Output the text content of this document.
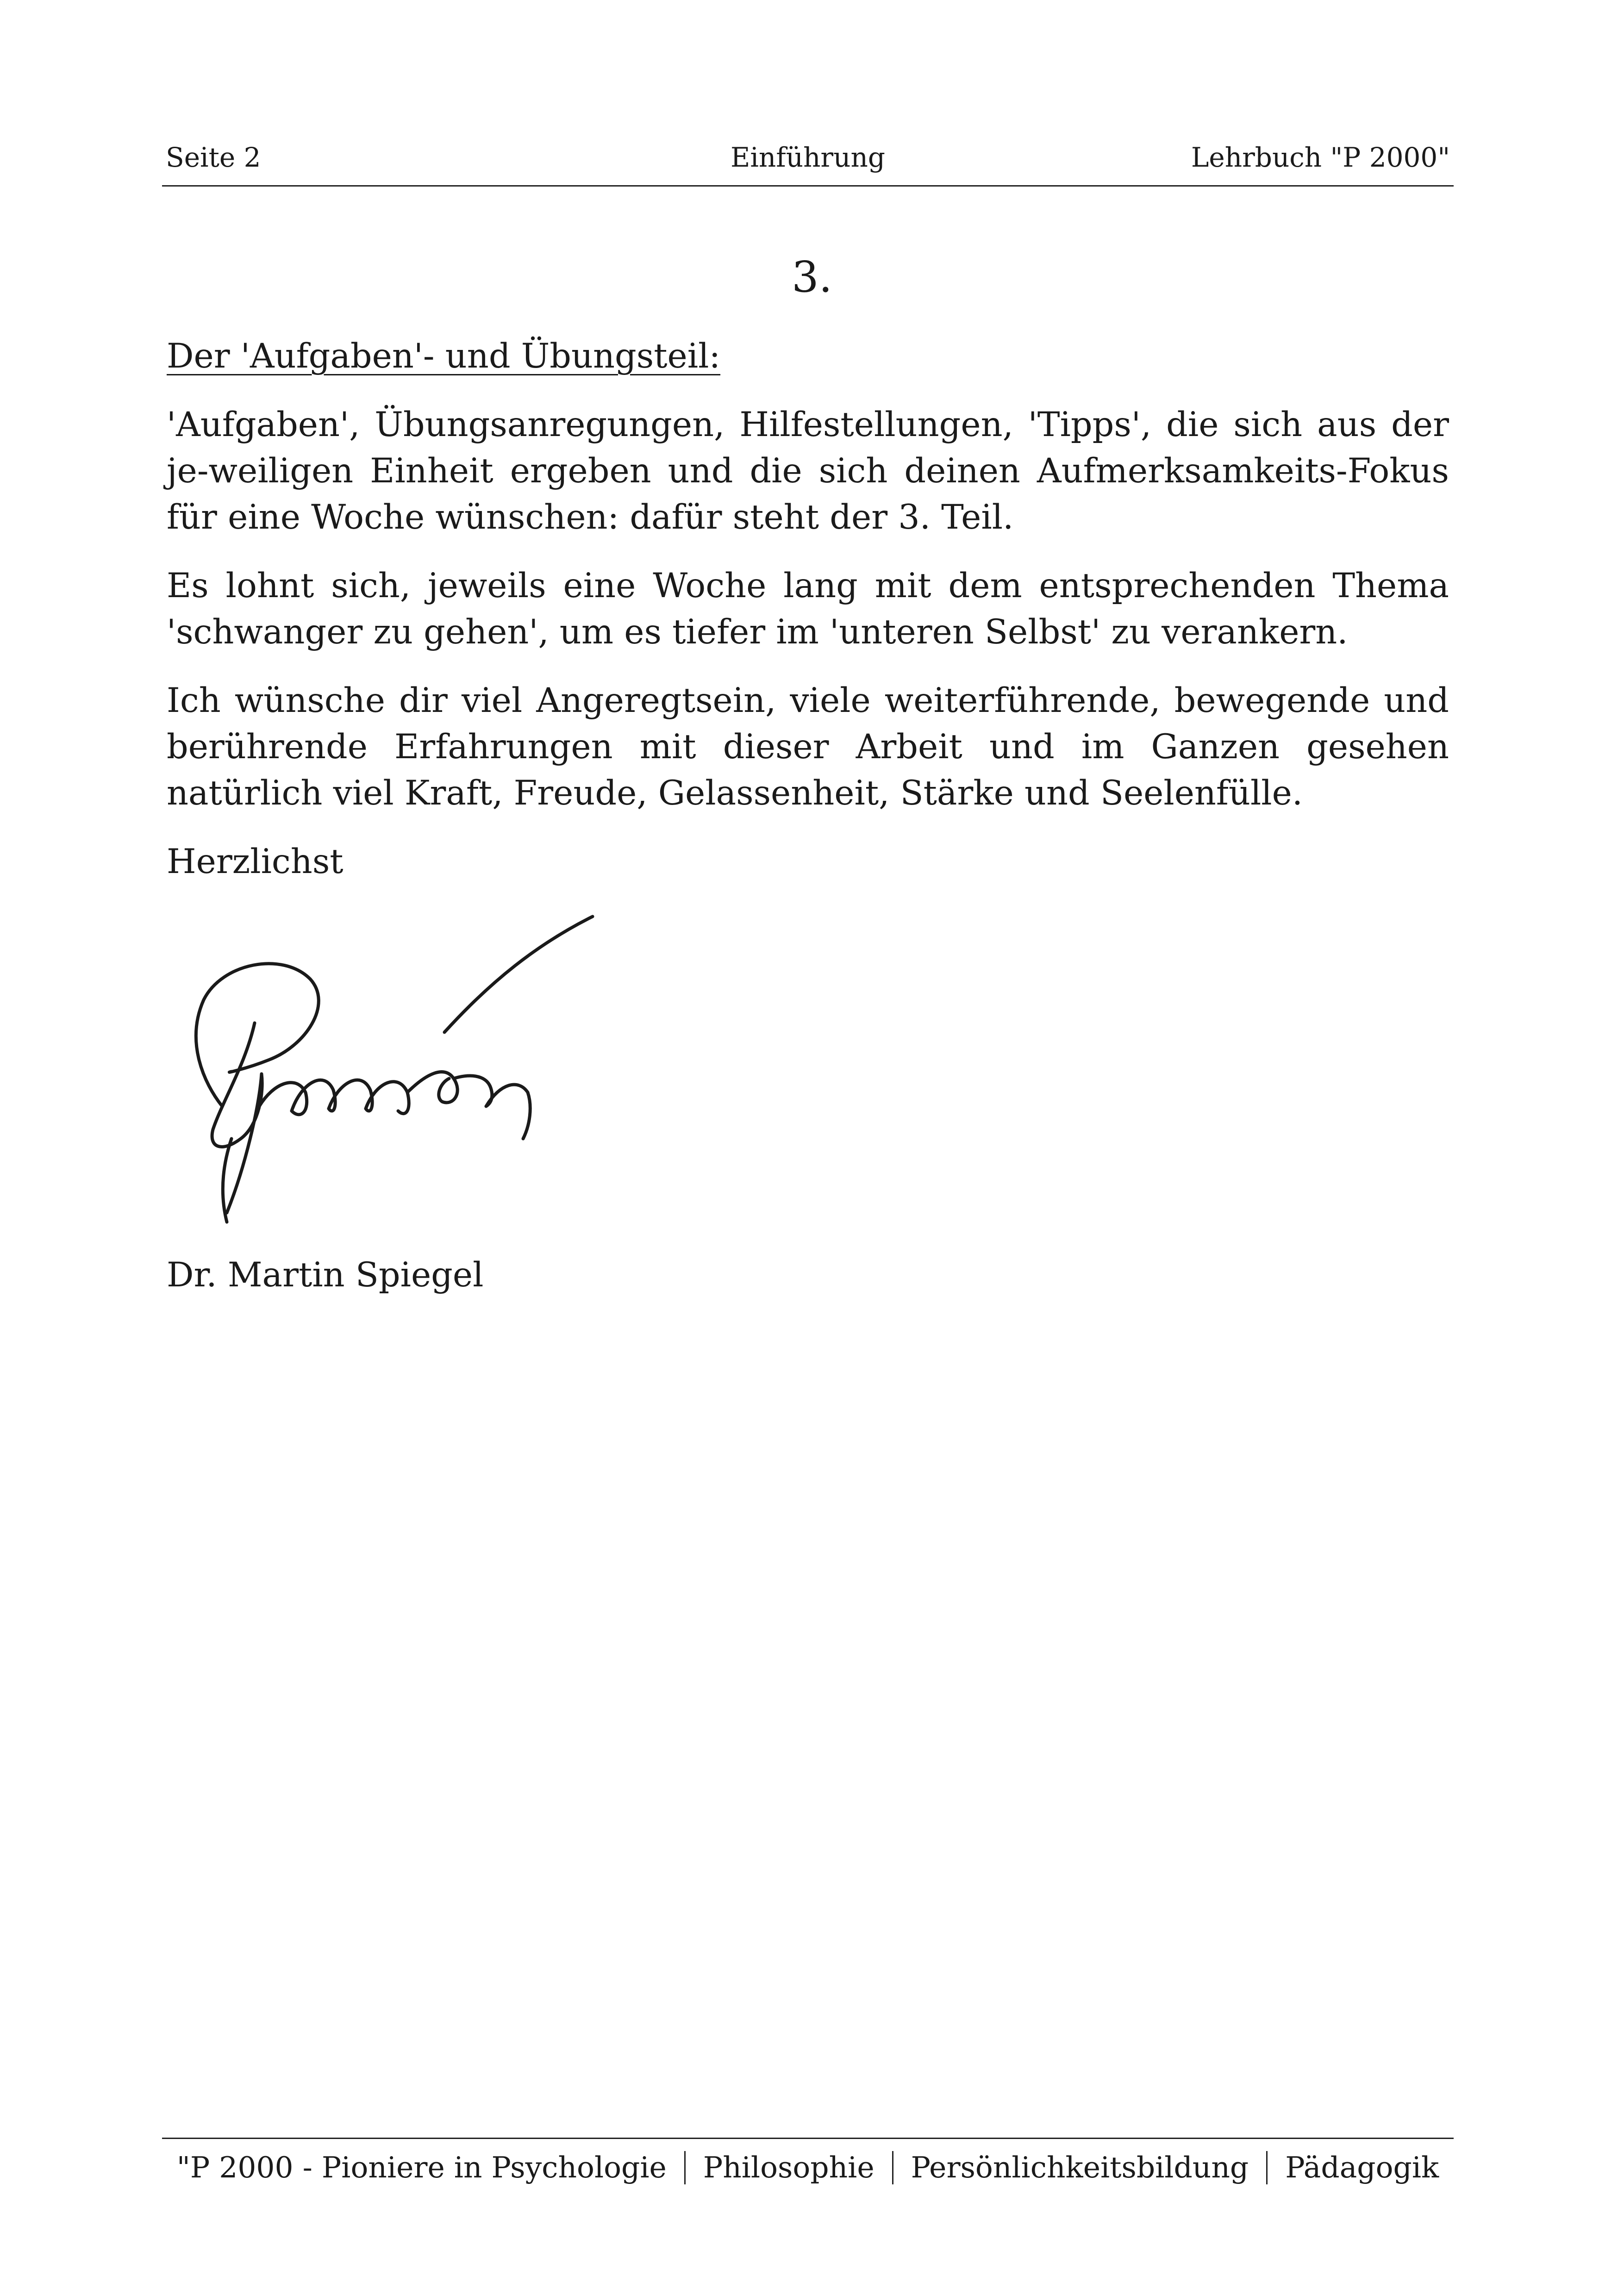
Seite 2	Einführung	Lehrbuch "P 2000"
3.

Der 'Aufgaben'- und Übungsteil:

'Aufgaben', Übungsanregungen, Hilfestellungen, 'Tipps', die sich aus der je-weiligen Einheit ergeben und die sich deinen Aufmerksamkeits-Fokus für eine Woche wünschen: dafür steht der 3. Teil.

Es lohnt sich, jeweils eine Woche lang mit dem entsprechenden Thema 'schwanger zu gehen', um es tiefer im 'unteren Selbst' zu verankern.

Ich wünsche dir viel Angeregtsein, viele weiterführende, bewegende und berührende Erfahrungen mit dieser Arbeit und im Ganzen gesehen natürlich viel Kraft, Freude, Gelassenheit, Stärke und Seelenfülle.

Herzlichst

Dr. Martin Spiegel
"P 2000 - Pioniere in Psychologie	Philosophie	Persönlichkeitsbildung	Pädagogik
